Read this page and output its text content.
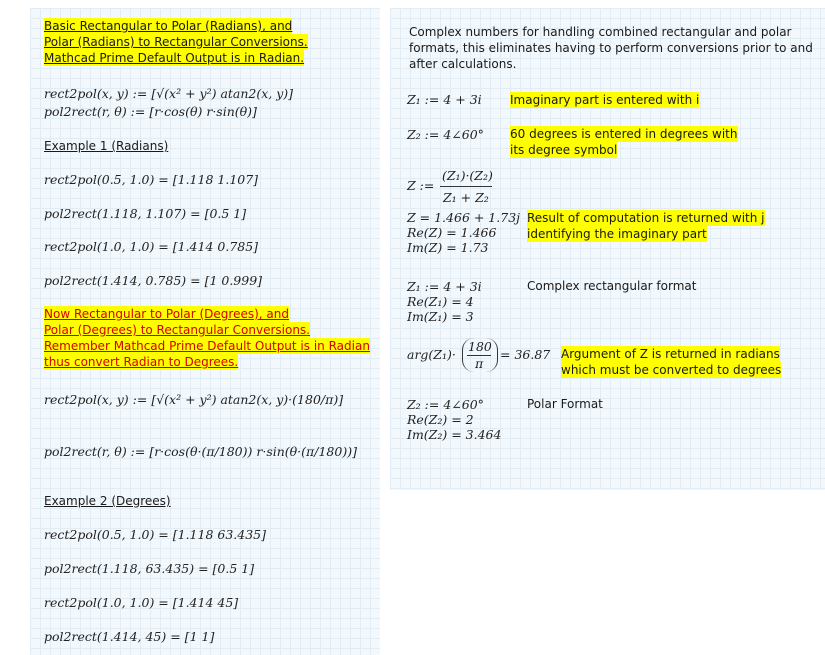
Basic Rectangular to Polar (Radians), and
Polar (Radians) to Rectangular Conversions.
Mathcad Prime Default Output is in Radian.
rect2pol(x, y) := [√(x² + y²) atan2(x, y)]
pol2rect(r, θ) := [r·cos(θ) r·sin(θ)]
Example 1 (Radians)
rect2pol(0.5, 1.0) = [1.118 1.107]
pol2rect(1.118, 1.107) = [0.5 1]
rect2pol(1.0, 1.0) = [1.414 0.785]
pol2rect(1.414, 0.785) = [1 0.999]
Now Rectangular to Polar (Degrees), and
Polar (Degrees) to Rectangular Conversions.
Remember Mathcad Prime Default Output is in Radian
thus convert Radian to Degrees.
rect2pol(x, y) := [√(x² + y²) atan2(x, y)·(180/π)]
pol2rect(r, θ) := [r·cos(θ·(π/180)) r·sin(θ·(π/180))]
Example 2 (Degrees)
rect2pol(0.5, 1.0) = [1.118 63.435]
pol2rect(1.118, 63.435) = [0.5 1]
rect2pol(1.0, 1.0) = [1.414 45]
pol2rect(1.414, 45) = [1 1]
Complex numbers for handling combined rectangular and polar
formats, this eliminates having to perform conversions prior to and
after calculations.
Z₁ := 4 + 3i Imaginary part is entered with i
Z₂ := 4∠60° 60 degrees is entered in degrees with
its degree symbol
Z :=
(Z₁)·(Z₂)
Z₁ + Z₂
Z = 1.466 + 1.73j
Re(Z) = 1.466
Im(Z) = 1.73
Result of computation is returned with j
identifying the imaginary part
Z₁ := 4 + 3i
Re(Z₁) = 4
Im(Z₁) = 3
Complex rectangular format
arg(Z₁)·
180
π
= 36.87 Argument of Z is returned in radians
which must be converted to degrees
Z₂ := 4∠60°
Re(Z₂) = 2
Im(Z₂) = 3.464
Polar Format
